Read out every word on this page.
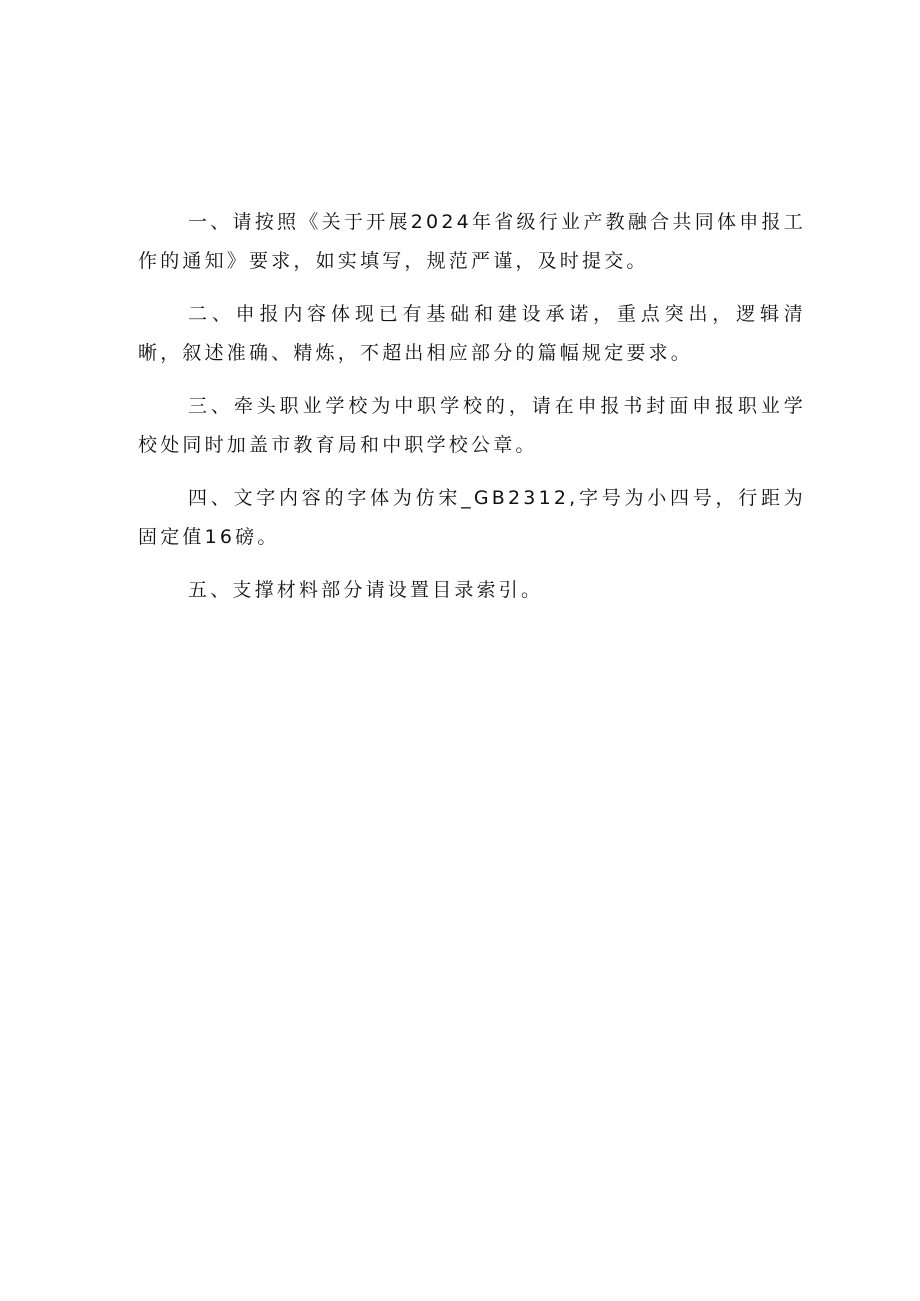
一、请按照《关于开展2024年省级行业产教融合共同体申报工作的通知》要求，如实填写，规范严谨，及时提交。

二、申报内容体现已有基础和建设承诺，重点突出，逻辑清晰，叙述准确、精炼，不超出相应部分的篇幅规定要求。

三、牵头职业学校为中职学校的，请在申报书封面申报职业学校处同时加盖市教育局和中职学校公章。

四、文字内容的字体为仿宋_GB2312,字号为小四号，行距为固定值16磅。

五、支撑材料部分请设置目录索引。
